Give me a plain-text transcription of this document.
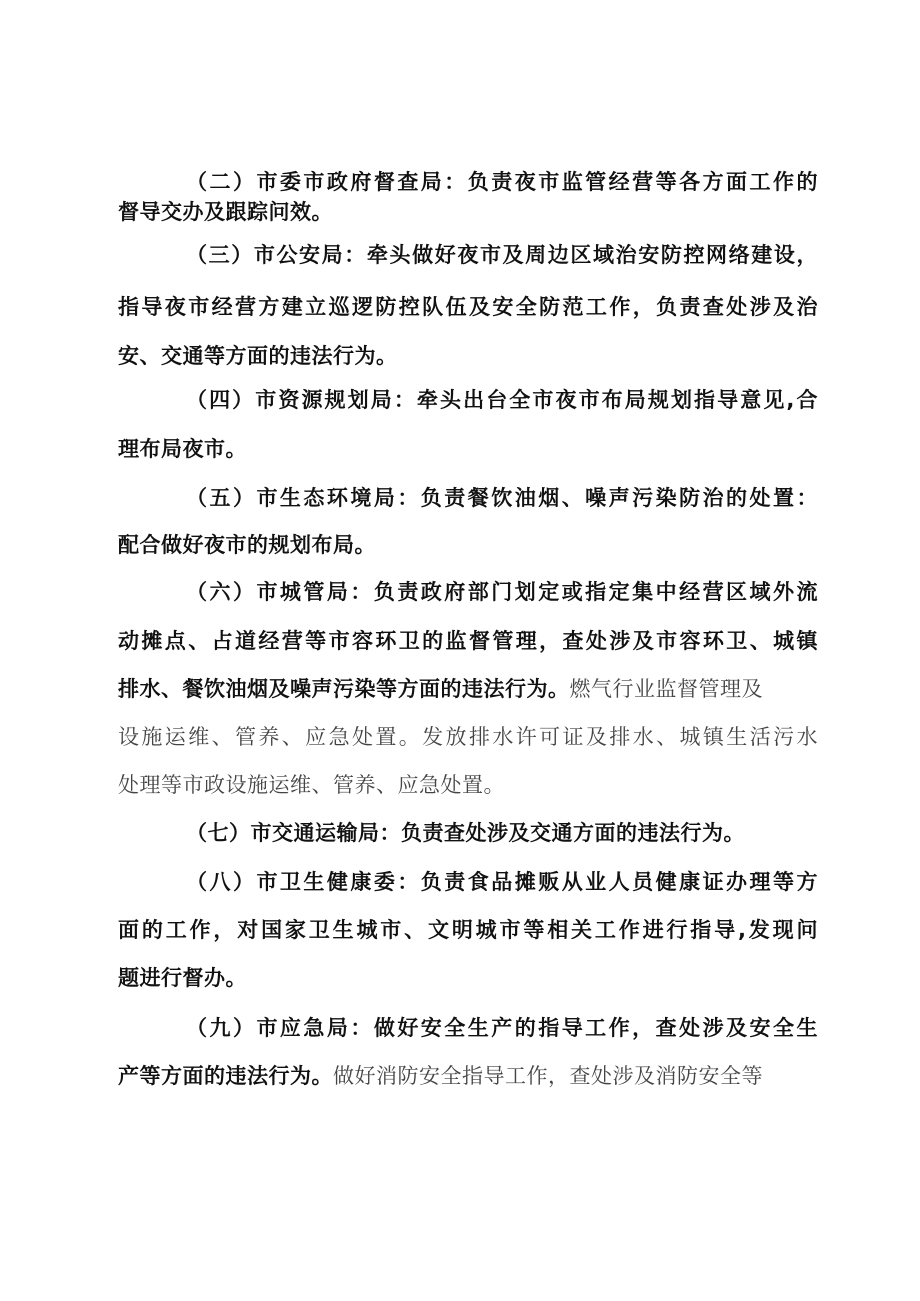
（二）市委市政府督查局：负责夜市监管经营等各方面工作的
督导交办及跟踪问效。
（三）市公安局：牵头做好夜市及周边区域治安防控网络建设，
指导夜市经营方建立巡逻防控队伍及安全防范工作，负责查处涉及治
安、交通等方面的违法行为。
（四）市资源规划局：牵头出台全市夜市布局规划指导意见,合
理布局夜市。
（五）市生态环境局：负责餐饮油烟、噪声污染防治的处置：
配合做好夜市的规划布局。
（六）市城管局：负责政府部门划定或指定集中经营区域外流
动摊点、占道经营等市容环卫的监督管理，查处涉及市容环卫、城镇
排水、餐饮油烟及噪声污染等方面的违法行为。燃气行业监督管理及
设施运维、管养、应急处置。发放排水许可证及排水、城镇生活污水
处理等市政设施运维、管养、应急处置。
（七）市交通运输局：负责查处涉及交通方面的违法行为。
（八）市卫生健康委：负责食品摊贩从业人员健康证办理等方
面的工作，对国家卫生城市、文明城市等相关工作进行指导,发现问
题进行督办。
（九）市应急局：做好安全生产的指导工作，查处涉及安全生
产等方面的违法行为。做好消防安全指导工作，查处涉及消防安全等
